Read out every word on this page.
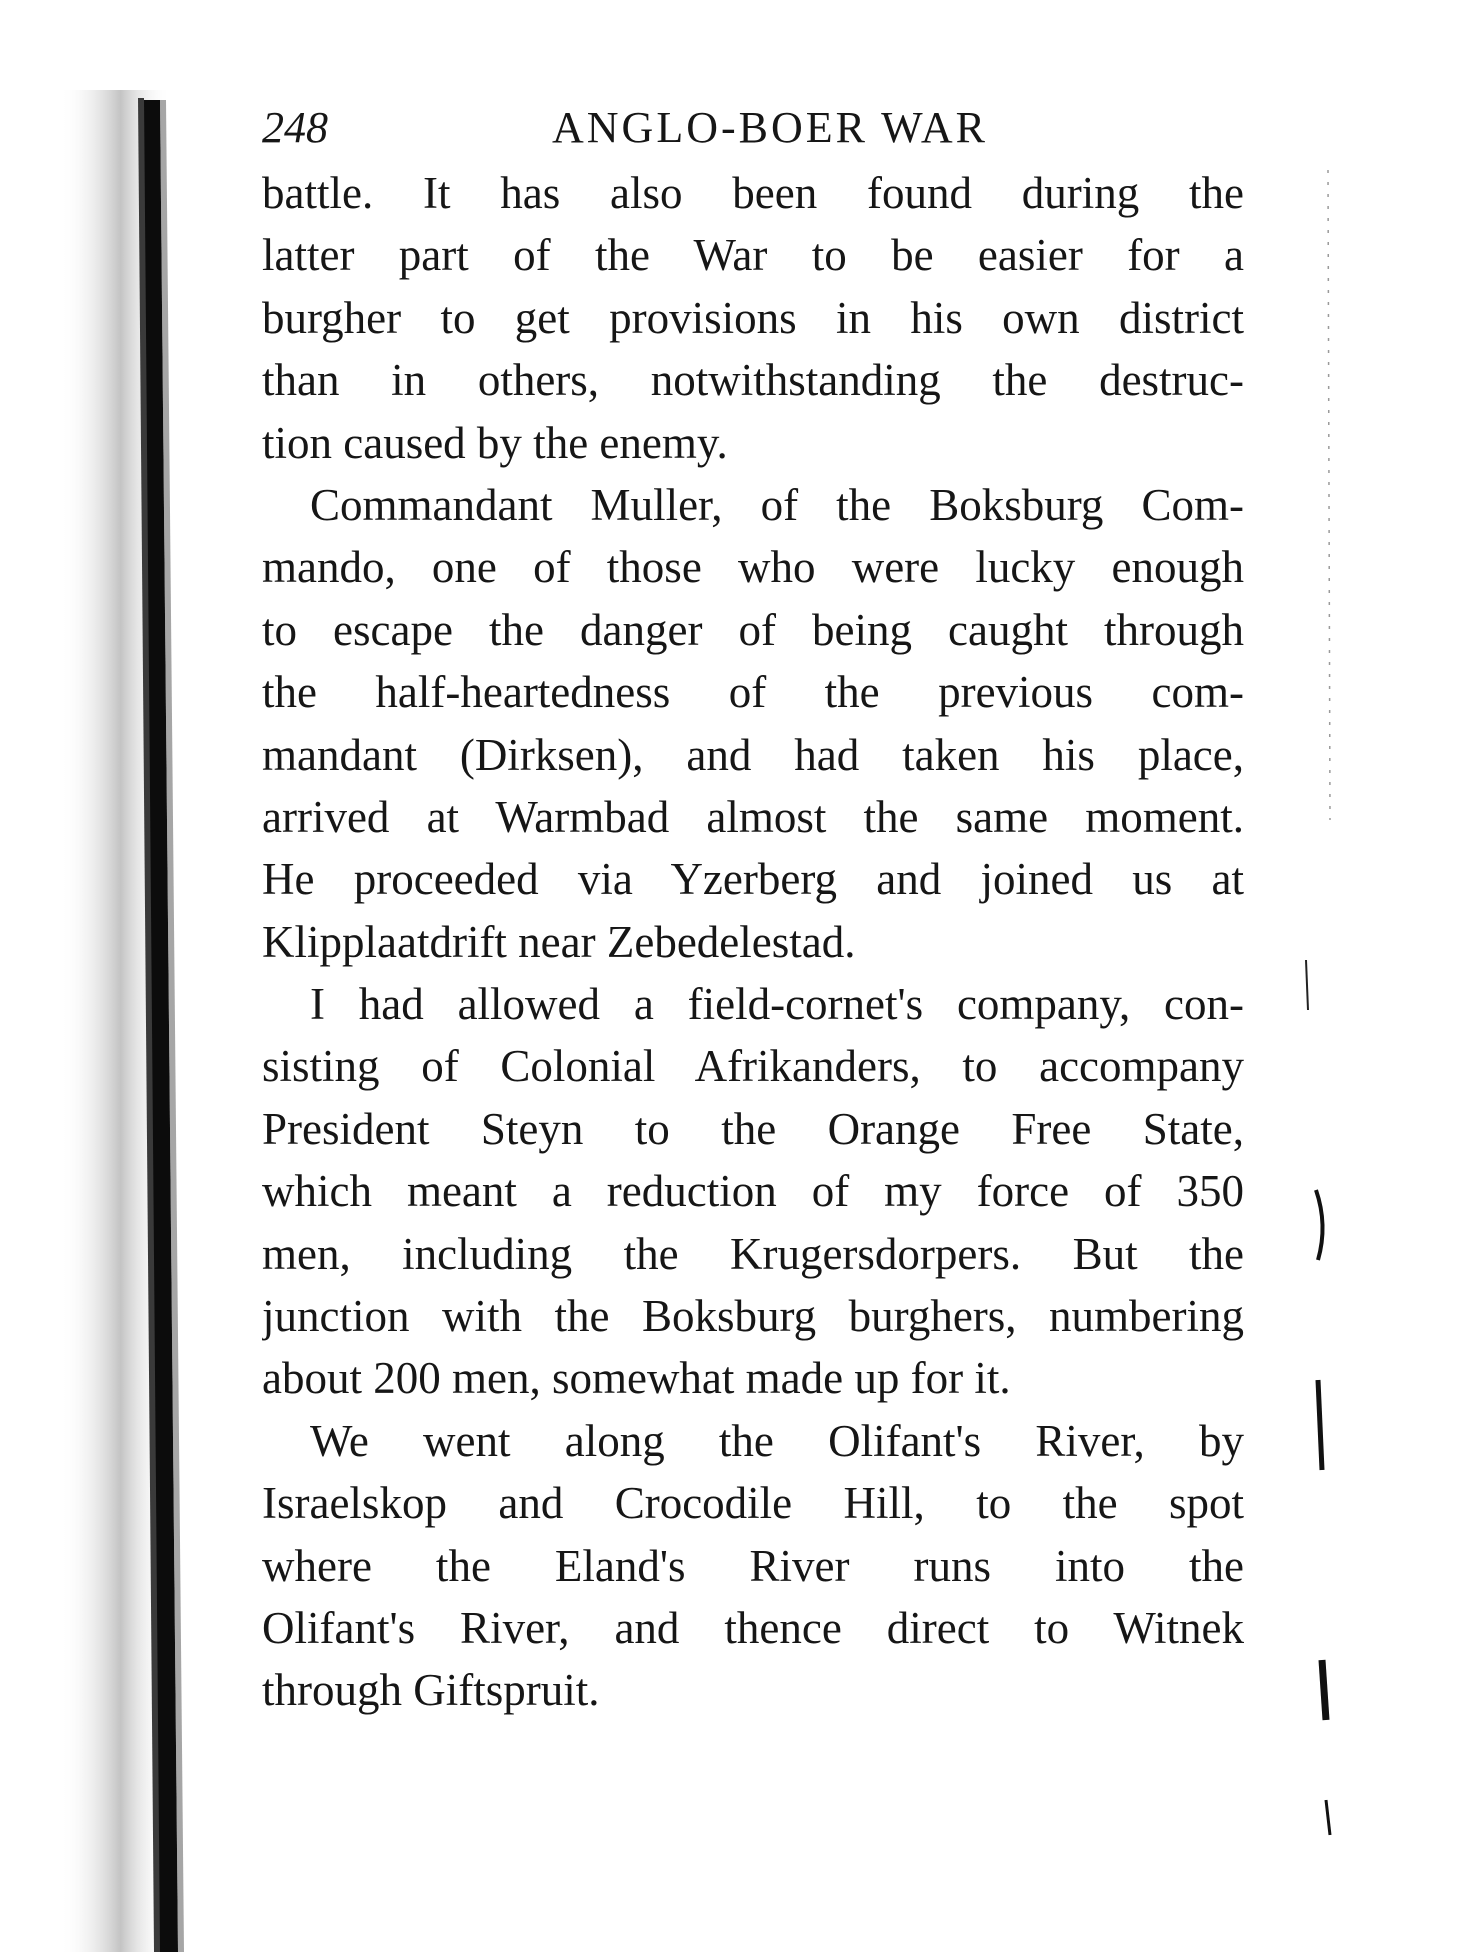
248	ANGLO-BOER WAR
battle. It has also been found during the
latter part of the War to be easier for a
burgher to get provisions in his own district
than in others, notwithstanding the destruc-
tion caused by the enemy.
Commandant Muller, of the Boksburg Com-
mando, one of those who were lucky enough
to escape the danger of being caught through
the half-heartedness of the previous com-
mandant (Dirksen), and had taken his place,
arrived at Warmbad almost the same moment.
He proceeded via Yzerberg and joined us at
Klipplaatdrift near Zebedelestad.
I had allowed a field-cornet's company, con-
sisting of Colonial Afrikanders, to accompany
President Steyn to the Orange Free State,
which meant a reduction of my force of 350
men, including the Krugersdorpers. But the
junction with the Boksburg burghers, numbering
about 200 men, somewhat made up for it.
We went along the Olifant's River, by
Israelskop and Crocodile Hill, to the spot
where the Eland's River runs into the
Olifant's River, and thence direct to Witnek
through Giftspruit.
